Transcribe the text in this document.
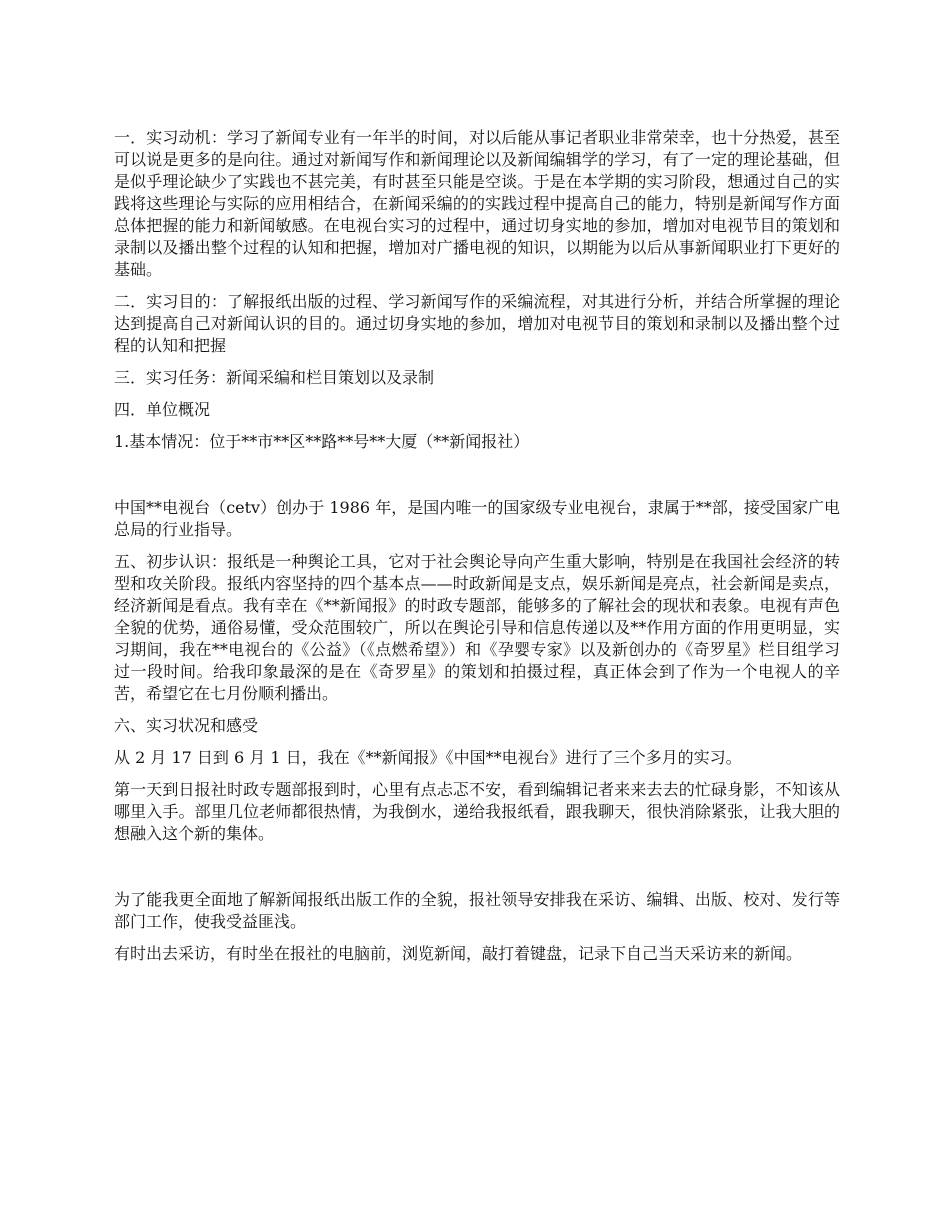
一．实习动机：学习了新闻专业有一年半的时间，对以后能从事记者职业非常荣幸，也十分热爱，甚至可以说是更多的是向往。通过对新闻写作和新闻理论以及新闻编辑学的学习，有了一定的理论基础，但是似乎理论缺少了实践也不甚完美，有时甚至只能是空谈。于是在本学期的实习阶段，想通过自己的实践将这些理论与实际的应用相结合，在新闻采编的的实践过程中提高自己的能力，特别是新闻写作方面总体把握的能力和新闻敏感。在电视台实习的过程中，通过切身实地的参加，增加对电视节目的策划和录制以及播出整个过程的认知和把握，增加对广播电视的知识，以期能为以后从事新闻职业打下更好的基础。

二．实习目的：了解报纸出版的过程、学习新闻写作的采编流程，对其进行分析，并结合所掌握的理论达到提高自己对新闻认识的目的。通过切身实地的参加，增加对电视节目的策划和录制以及播出整个过程的认知和把握

三．实习任务：新闻采编和栏目策划以及录制

四．单位概况

1.基本情况：位于**市**区**路**号**大厦（**新闻报社）

中国**电视台（cetv）创办于 1986 年，是国内唯一的国家级专业电视台，隶属于**部，接受国家广电总局的行业指导。

五、初步认识：报纸是一种舆论工具，它对于社会舆论导向产生重大影响，特别是在我国社会经济的转型和攻关阶段。报纸内容坚持的四个基本点——时政新闻是支点，娱乐新闻是亮点，社会新闻是卖点，经济新闻是看点。我有幸在《**新闻报》的时政专题部，能够多的了解社会的现状和表象。电视有声色全貌的优势，通俗易懂，受众范围较广，所以在舆论引导和信息传递以及**作用方面的作用更明显，实习期间，我在**电视台的《公益》（《点燃希望》）和《孕婴专家》以及新创办的《奇罗星》栏目组学习过一段时间。给我印象最深的是在《奇罗星》的策划和拍摄过程，真正体会到了作为一个电视人的辛苦，希望它在七月份顺利播出。

六、实习状况和感受

从 2 月 17 日到 6 月 1 日，我在《**新闻报》《中国**电视台》进行了三个多月的实习。

第一天到日报社时政专题部报到时，心里有点忐忑不安，看到编辑记者来来去去的忙碌身影，不知该从哪里入手。部里几位老师都很热情，为我倒水，递给我报纸看，跟我聊天，很快消除紧张，让我大胆的想融入这个新的集体。

为了能我更全面地了解新闻报纸出版工作的全貌，报社领导安排我在采访、编辑、出版、校对、发行等部门工作，使我受益匪浅。

有时出去采访，有时坐在报社的电脑前，浏览新闻，敲打着键盘，记录下自己当天采访来的新闻。
